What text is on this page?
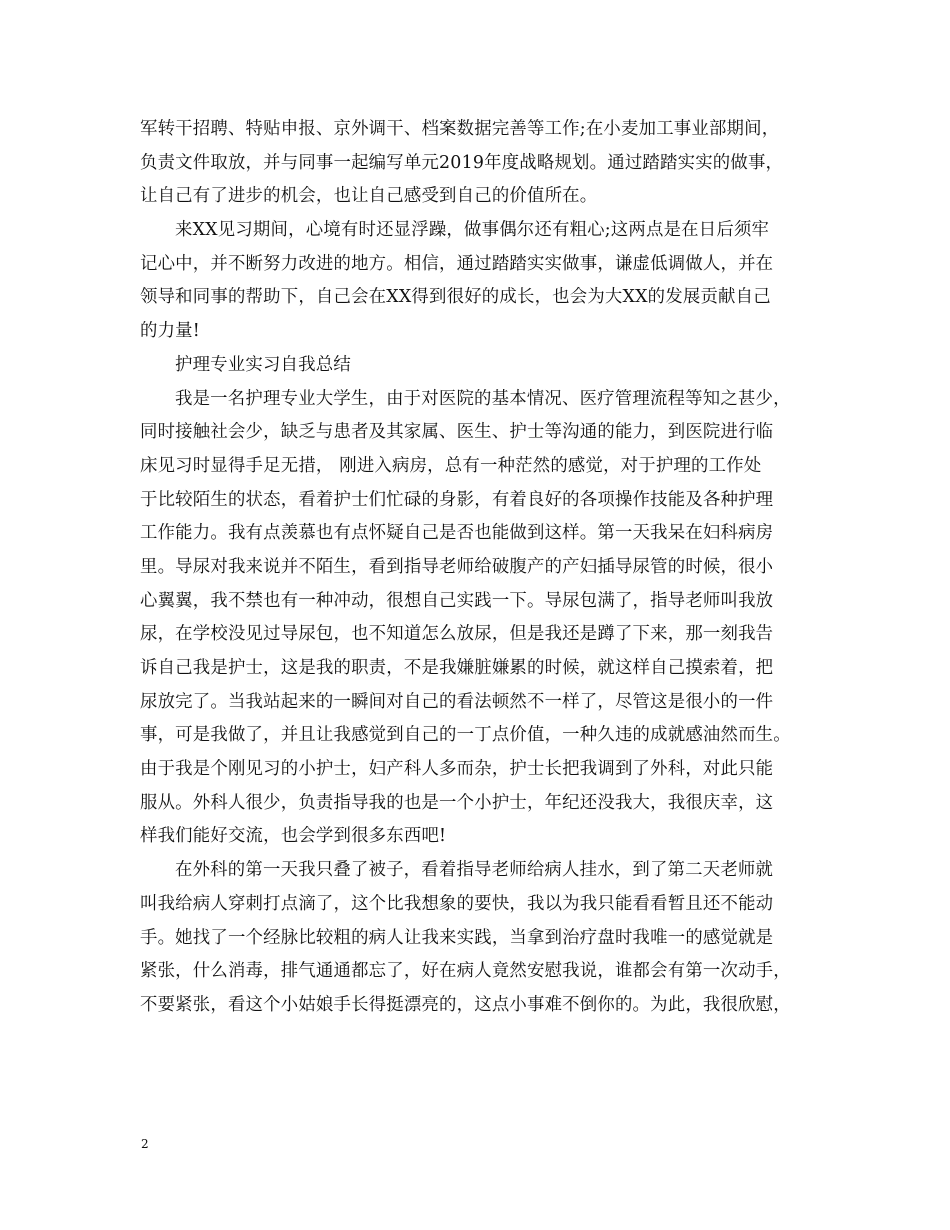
军转干招聘、特贴申报、京外调干、档案数据完善等工作;在小麦加工事业部期间，
负责文件取放，并与同事一起编写单元2019年度战略规划。通过踏踏实实的做事，
让自己有了进步的机会，也让自己感受到自己的价值所在。
来XX见习期间，心境有时还显浮躁，做事偶尔还有粗心;这两点是在日后须牢
记心中，并不断努力改进的地方。相信，通过踏踏实实做事，谦虚低调做人，并在
领导和同事的帮助下，自己会在XX得到很好的成长，也会为大XX的发展贡献自己
的力量!
护理专业实习自我总结
我是一名护理专业大学生，由于对医院的基本情况、医疗管理流程等知之甚少，
同时接触社会少，缺乏与患者及其家属、医生、护士等沟通的能力，到医院进行临
床见习时显得手足无措， 刚进入病房，总有一种茫然的感觉，对于护理的工作处
于比较陌生的状态，看着护士们忙碌的身影，有着良好的各项操作技能及各种护理
工作能力。我有点羡慕也有点怀疑自己是否也能做到这样。第一天我呆在妇科病房
里。导尿对我来说并不陌生，看到指导老师给破腹产的产妇插导尿管的时候，很小
心翼翼，我不禁也有一种冲动，很想自己实践一下。导尿包满了，指导老师叫我放
尿，在学校没见过导尿包，也不知道怎么放尿，但是我还是蹲了下来，那一刻我告
诉自己我是护士，这是我的职责，不是我嫌脏嫌累的时候，就这样自己摸索着，把
尿放完了。当我站起来的一瞬间对自己的看法顿然不一样了，尽管这是很小的一件
事，可是我做了，并且让我感觉到自己的一丁点价值，一种久违的成就感油然而生。
由于我是个刚见习的小护士，妇产科人多而杂，护士长把我调到了外科，对此只能
服从。外科人很少，负责指导我的也是一个小护士，年纪还没我大，我很庆幸，这
样我们能好交流，也会学到很多东西吧!
在外科的第一天我只叠了被子，看着指导老师给病人挂水，到了第二天老师就
叫我给病人穿刺打点滴了，这个比我想象的要快，我以为我只能看看暂且还不能动
手。她找了一个经脉比较粗的病人让我来实践，当拿到治疗盘时我唯一的感觉就是
紧张，什么消毒，排气通通都忘了，好在病人竟然安慰我说，谁都会有第一次动手，
不要紧张，看这个小姑娘手长得挺漂亮的，这点小事难不倒你的。为此，我很欣慰，
2
